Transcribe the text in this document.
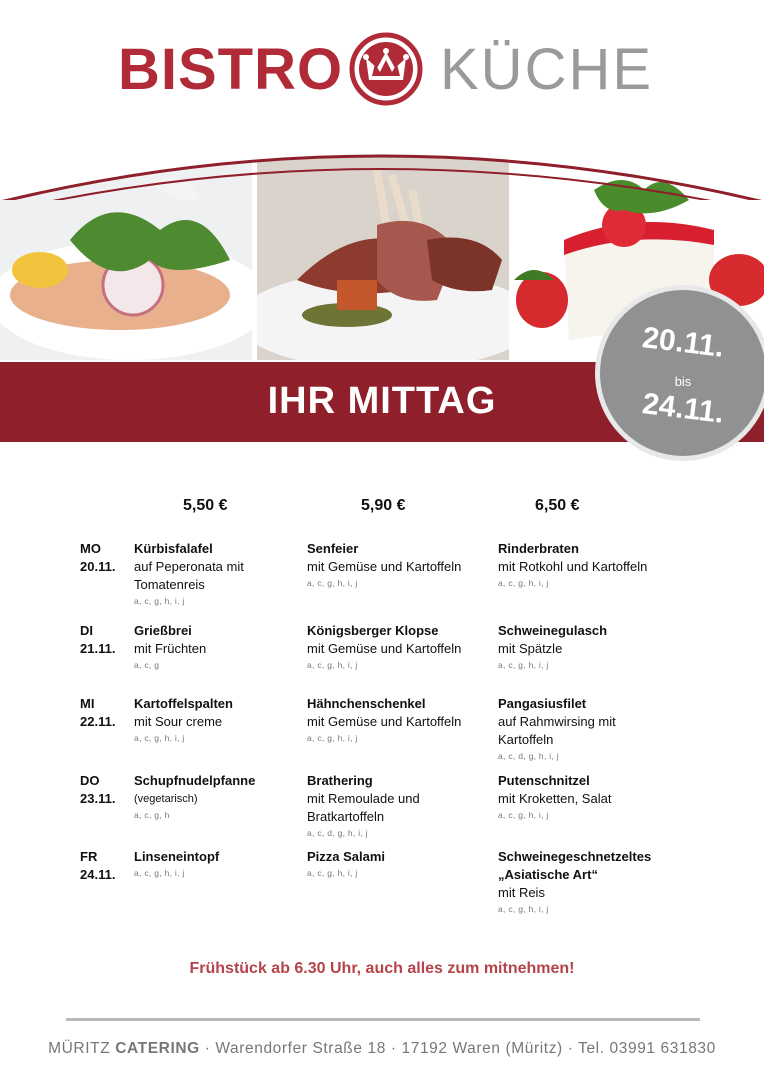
BISTRO KÜCHE
IHR MITTAG
20.11.
bis
24.11.
5,50 €	5,90 €	6,50 €
MO
20.11.
Kürbisfalafel
auf Peperonata mit
Tomatenreis
a, c, g, h, i, j
Senfeier
mit Gemüse und Kartoffeln
a, c, g, h, i, j
Rinderbraten
mit Rotkohl und Kartoffeln
a, c, g, h, i, j
DI
21.11.
Grießbrei
mit Früchten
a, c, g
Königsberger Klopse
mit Gemüse und Kartoffeln
a, c, g, h, i, j
Schweinegulasch
mit Spätzle
a, c, g, h, i, j
MI
22.11.
Kartoffelspalten
mit Sour creme
a, c, g, h, i, j
Hähnchenschenkel
mit Gemüse und Kartoffeln
a, c, g, h, i, j
Pangasiusfilet
auf Rahmwirsing mit
Kartoffeln
a, c, d, g, h, i, j
DO
23.11.
Schupfnudelpfanne
(vegetarisch)
a, c, g, h
Brathering
mit Remoulade und
Bratkartoffeln
a, c, d, g, h, i, j
Putenschnitzel
mit Kroketten, Salat
a, c, g, h, i, j
FR
24.11.
Linseneintopf
a, c, g, h, i, j
Pizza Salami
a, c, g, h, i, j
Schweinegeschnetzeltes
„Asiatische Art“
mit Reis
a, c, g, h, i, j
Frühstück ab 6.30 Uhr, auch alles zum mitnehmen!
MÜRITZ CATERING · Warendorfer Straße 18 · 17192 Waren (Müritz) · Tel. 03991 631830
